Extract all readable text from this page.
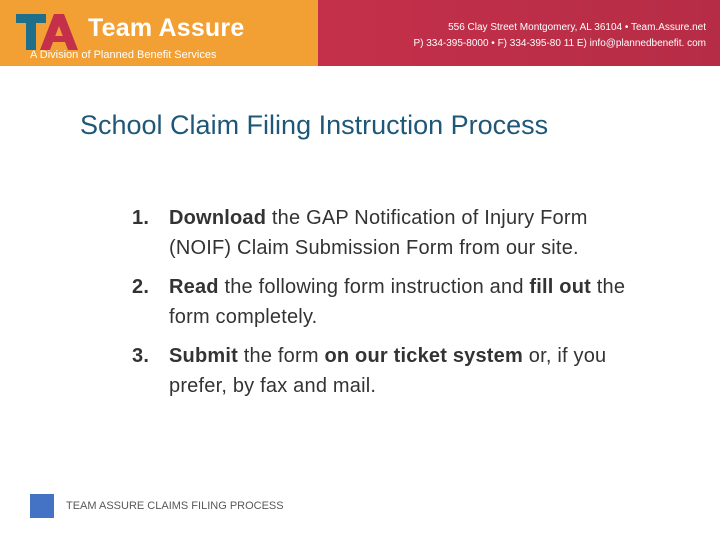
Team Assure
A Division of Planned Benefit Services
556 Clay Street Montgomery, AL 36104 • Team.Assure.net
P) 334-395-8000 • F) 334-395-80 11 E) info@plannedbenefit. com
School Claim Filing Instruction Process
1. Download the GAP Notification of Injury Form (NOIF) Claim Submission Form from our site.
2. Read the following form instruction and fill out the form completely.
3. Submit the form on our ticket system or, if you prefer, by fax and mail.
TEAM ASSURE CLAIMS FILING PROCESS
